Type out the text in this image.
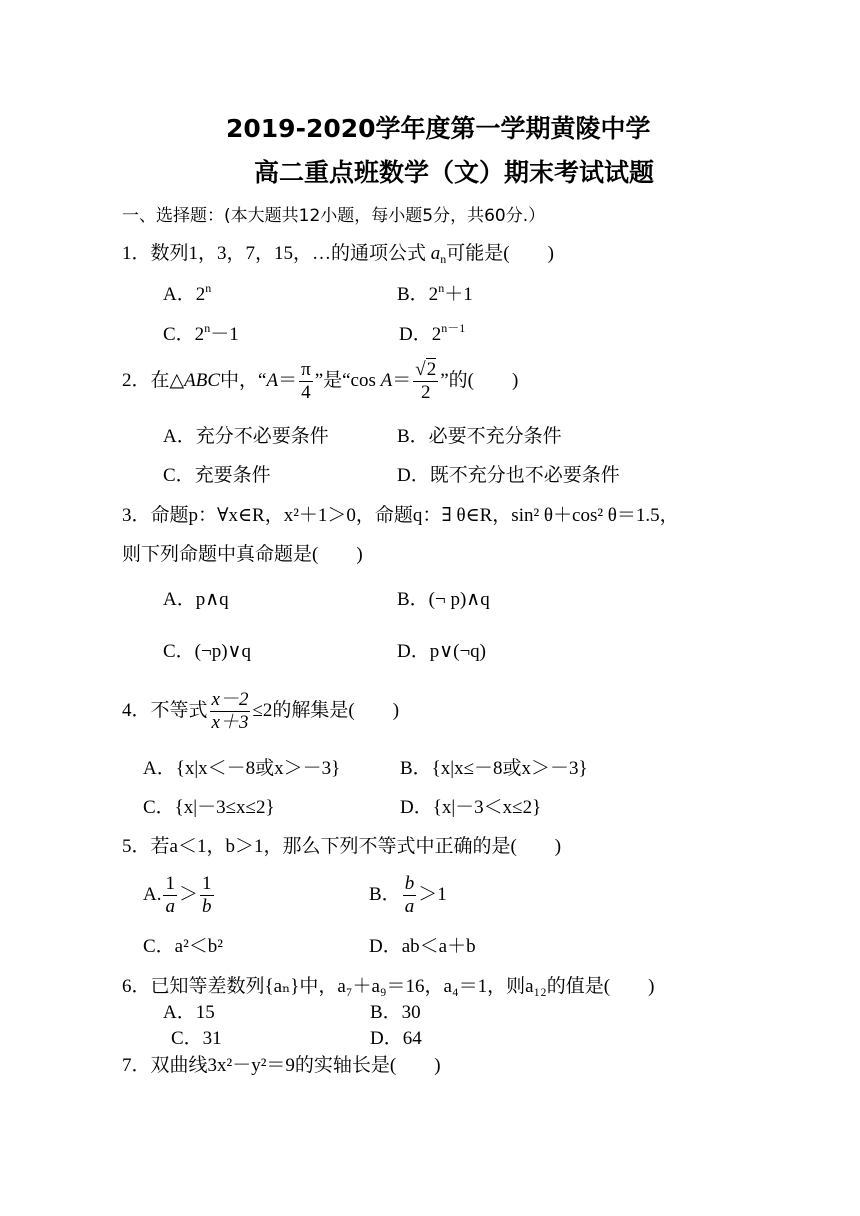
2019-2020学年度第一学期黄陵中学
高二重点班数学（文）期末考试试题
一、选择题：(本大题共12小题，每小题5分，共60分.）
1．数列1，3，7，15，…的通项公式 $a_n$可能是(　　)
A．2$^n$	B．$2^n+1$
C．$2^n-1$	D．$2^{n-1}$
2．在△ABC中，“$A= \frac{\pi}{4}$ ”是“cos $A= \frac{√2}{2}$ ”的(　　)
A．充分不必要条件	B．必要不充分条件
C．充要条件	D．既不充分也不必要条件
3．命题p：∀x∈R，x²＋1＞0，命题q：∃ θ∈R，sin² θ＋cos² θ＝1.5，
则下列命题中真命题是(　　)
A．p∧q	B．(¬ p)∧q
C．(¬p)∨q	D．p∨(¬q)
4．不等式 $\frac{x-2}{x+3} \le 2$的解集是(　　)
A．{x|x＜－8或x＞－3}	B．{x|x≤－8或x＞－3}
C．{x|－3≤x≤2}	D．{x|－3＜x≤2}
5．若a＜1，b＞1，那么下列不等式中正确的是(　　)
A. $\frac{1}{a} > \frac{1}{b}$	B． $\frac{b}{a} >1$
C．a²＜b²	D．ab＜a＋b
6．已知等差数列{aₙ}中，a₇＋a₉＝16，a₄＝1，则a₁₂的值是(　　)
A．15	B．30
C．31	D．64
7．双曲线3x²－y²＝9的实轴长是(　　)
